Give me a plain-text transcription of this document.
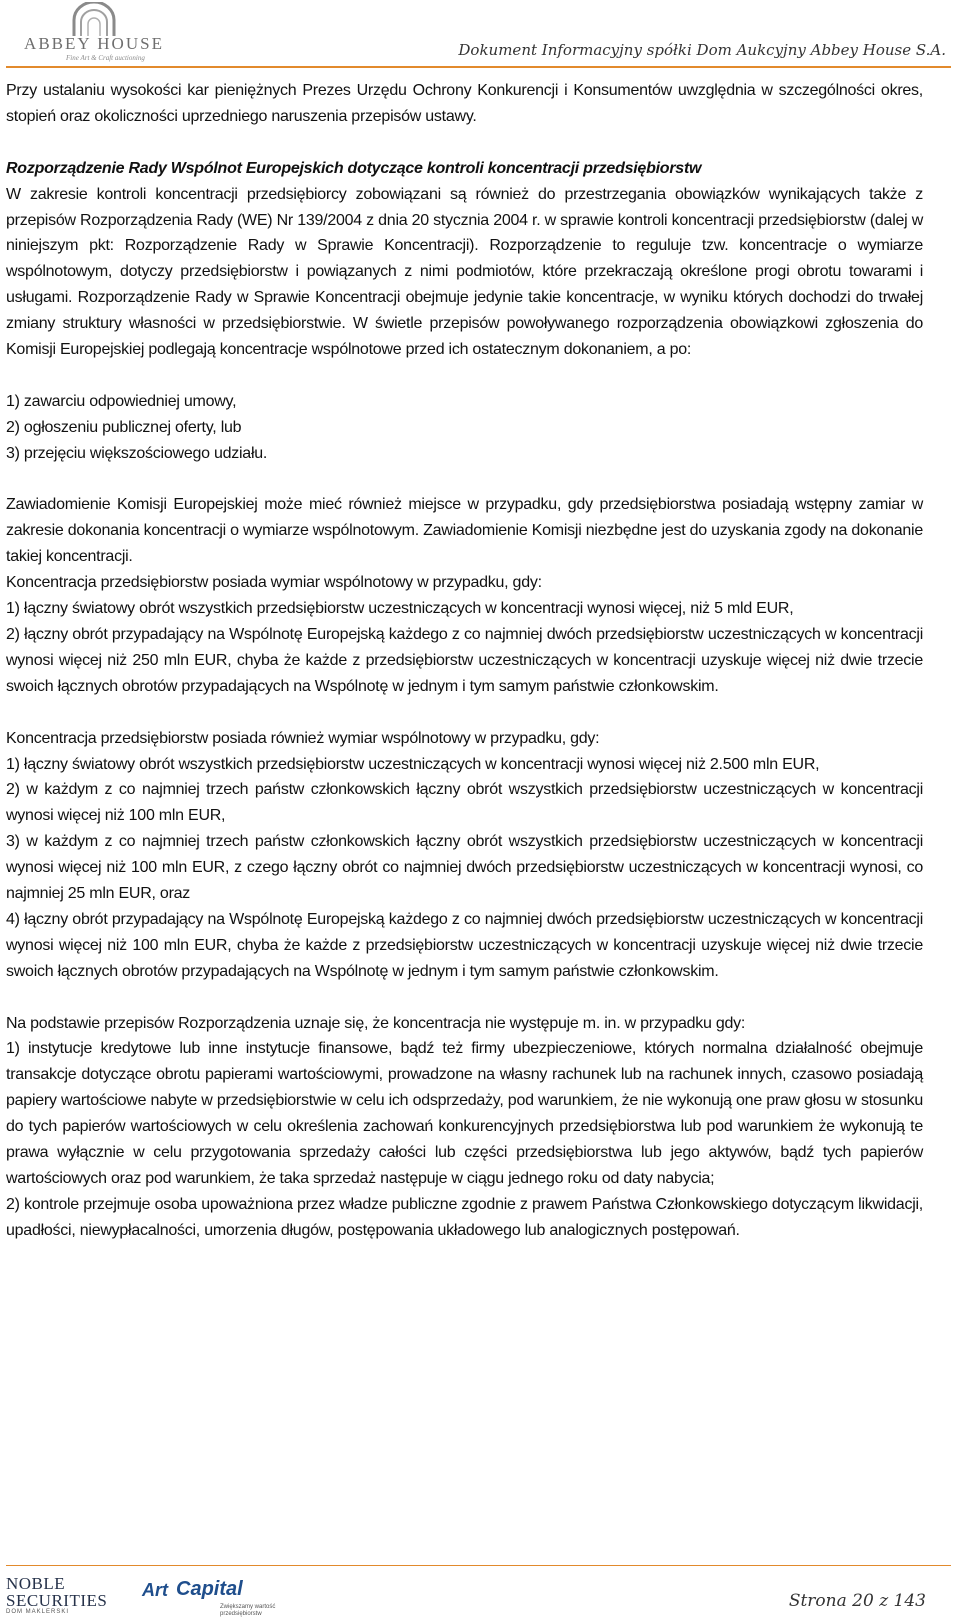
ABBEY HOUSE
Fine Art & Craft auctioning	Dokument Informacyjny spółki Dom Aukcyjny Abbey House S.A.

Przy ustalaniu wysokości kar pieniężnych Prezes Urzędu Ochrony Konkurencji i Konsumentów uwzględnia w szczególności okres, stopień oraz okoliczności uprzedniego naruszenia przepisów ustawy.

Rozporządzenie Rady Wspólnot Europejskich dotyczące kontroli koncentracji przedsiębiorstw

W zakresie kontroli koncentracji przedsiębiorcy zobowiązani są również do przestrzegania obowiązków wynikających także z przepisów Rozporządzenia Rady (WE) Nr 139/2004 z dnia 20 stycznia 2004 r. w sprawie kontroli koncentracji przedsiębiorstw (dalej w niniejszym pkt: Rozporządzenie Rady w Sprawie Koncentracji). Rozporządzenie to reguluje tzw. koncentracje o wymiarze wspólnotowym, dotyczy przedsiębiorstw i powiązanych z nimi podmiotów, które przekraczają określone progi obrotu towarami i usługami. Rozporządzenie Rady w Sprawie Koncentracji obejmuje jedynie takie koncentracje, w wyniku których dochodzi do trwałej zmiany struktury własności w przedsiębiorstwie. W świetle przepisów powoływanego rozporządzenia obowiązkowi zgłoszenia do Komisji Europejskiej podlegają koncentracje wspólnotowe przed ich ostatecznym dokonaniem, a po:

1) zawarciu odpowiedniej umowy,

2) ogłoszeniu publicznej oferty, lub

3) przejęciu większościowego udziału.

Zawiadomienie Komisji Europejskiej może mieć również miejsce w przypadku, gdy przedsiębiorstwa posiadają wstępny zamiar w zakresie dokonania koncentracji o wymiarze wspólnotowym. Zawiadomienie Komisji niezbędne jest do uzyskania zgody na dokonanie takiej koncentracji.

Koncentracja przedsiębiorstw posiada wymiar wspólnotowy w przypadku, gdy:

1) łączny światowy obrót wszystkich przedsiębiorstw uczestniczących w koncentracji wynosi więcej, niż 5 mld EUR,

2) łączny obrót przypadający na Wspólnotę Europejską każdego z co najmniej dwóch przedsiębiorstw uczestniczących w koncentracji wynosi więcej niż 250 mln EUR, chyba że każde z przedsiębiorstw uczestniczących w koncentracji uzyskuje więcej niż dwie trzecie swoich łącznych obrotów przypadających na Wspólnotę w jednym i tym samym państwie członkowskim.

Koncentracja przedsiębiorstw posiada również wymiar wspólnotowy w przypadku, gdy:

1) łączny światowy obrót wszystkich przedsiębiorstw uczestniczących w koncentracji wynosi więcej niż 2.500 mln EUR,

2) w każdym z co najmniej trzech państw członkowskich łączny obrót wszystkich przedsiębiorstw uczestniczących w koncentracji wynosi więcej niż 100 mln EUR,

3) w każdym z co najmniej trzech państw członkowskich łączny obrót wszystkich przedsiębiorstw uczestniczących w koncentracji wynosi więcej niż 100 mln EUR, z czego łączny obrót co najmniej dwóch przedsiębiorstw uczestniczących w koncentracji wynosi, co najmniej 25 mln EUR, oraz

4) łączny obrót przypadający na Wspólnotę Europejską każdego z co najmniej dwóch przedsiębiorstw uczestniczących w koncentracji wynosi więcej niż 100 mln EUR, chyba że każde z przedsiębiorstw uczestniczących w koncentracji uzyskuje więcej niż dwie trzecie swoich łącznych obrotów przypadających na Wspólnotę w jednym i tym samym państwie członkowskim.

Na podstawie przepisów Rozporządzenia uznaje się, że koncentracja nie występuje m. in. w przypadku gdy:

1) instytucje kredytowe lub inne instytucje finansowe, bądź też firmy ubezpieczeniowe, których normalna działalność obejmuje transakcje dotyczące obrotu papierami wartościowymi, prowadzone na własny rachunek lub na rachunek innych, czasowo posiadają papiery wartościowe nabyte w przedsiębiorstwie w celu ich odsprzedaży, pod warunkiem, że nie wykonują one praw głosu w stosunku do tych papierów wartościowych w celu określenia zachowań konkurencyjnych przedsiębiorstwa lub pod warunkiem że wykonują te prawa wyłącznie w celu przygotowania sprzedaży całości lub części przedsiębiorstwa lub jego aktywów, bądź tych papierów wartościowych oraz pod warunkiem, że taka sprzedaż następuje w ciągu jednego roku od daty nabycia;

2) kontrole przejmuje osoba upoważniona przez władze publiczne zgodnie z prawem Państwa Członkowskiego dotyczącym likwidacji, upadłości, niewypłacalności, umorzenia długów, postępowania układowego lub analogicznych postępowań.

NOBLE
SECURITIES
DOM MAKLERSKI
Art Capital
Zwiększamy wartość przedsiębiorstw
Strona 20 z 143
